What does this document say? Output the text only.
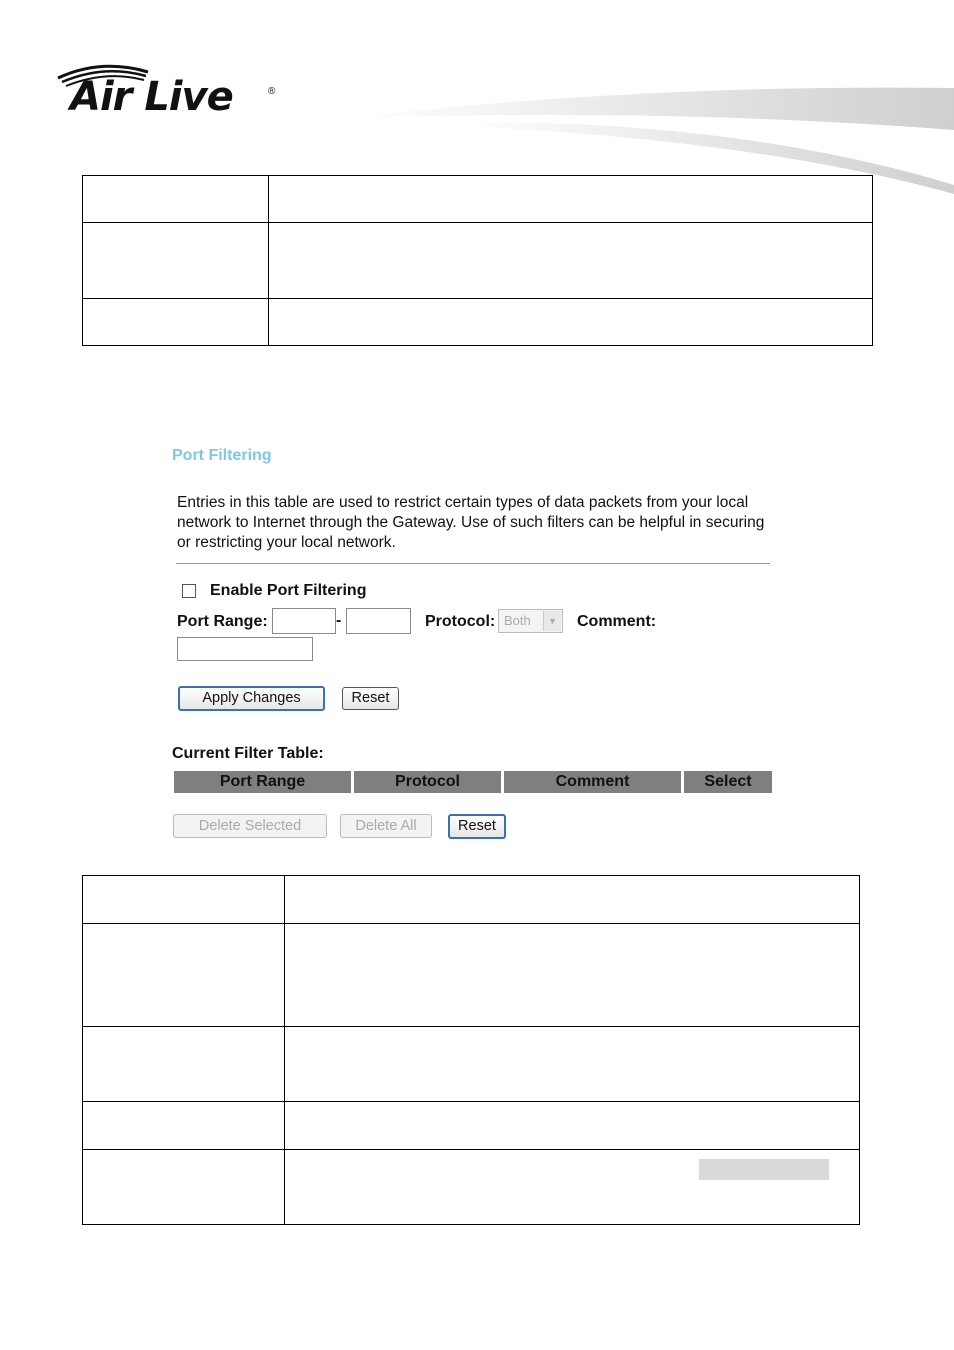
Air Live	®

Port Filtering
Entries in this table are used to restrict certain types of data packets from your local network to Internet through the Gateway. Use of such filters can be helpful in securing or restricting your local network.
Enable Port Filtering
Port Range:	-	Protocol: Both	▼ Comment:
Apply Changes	Reset
Current Filter Table:
Port Range	Protocol	Comment	Select
Delete Selected	Delete All	Reset
